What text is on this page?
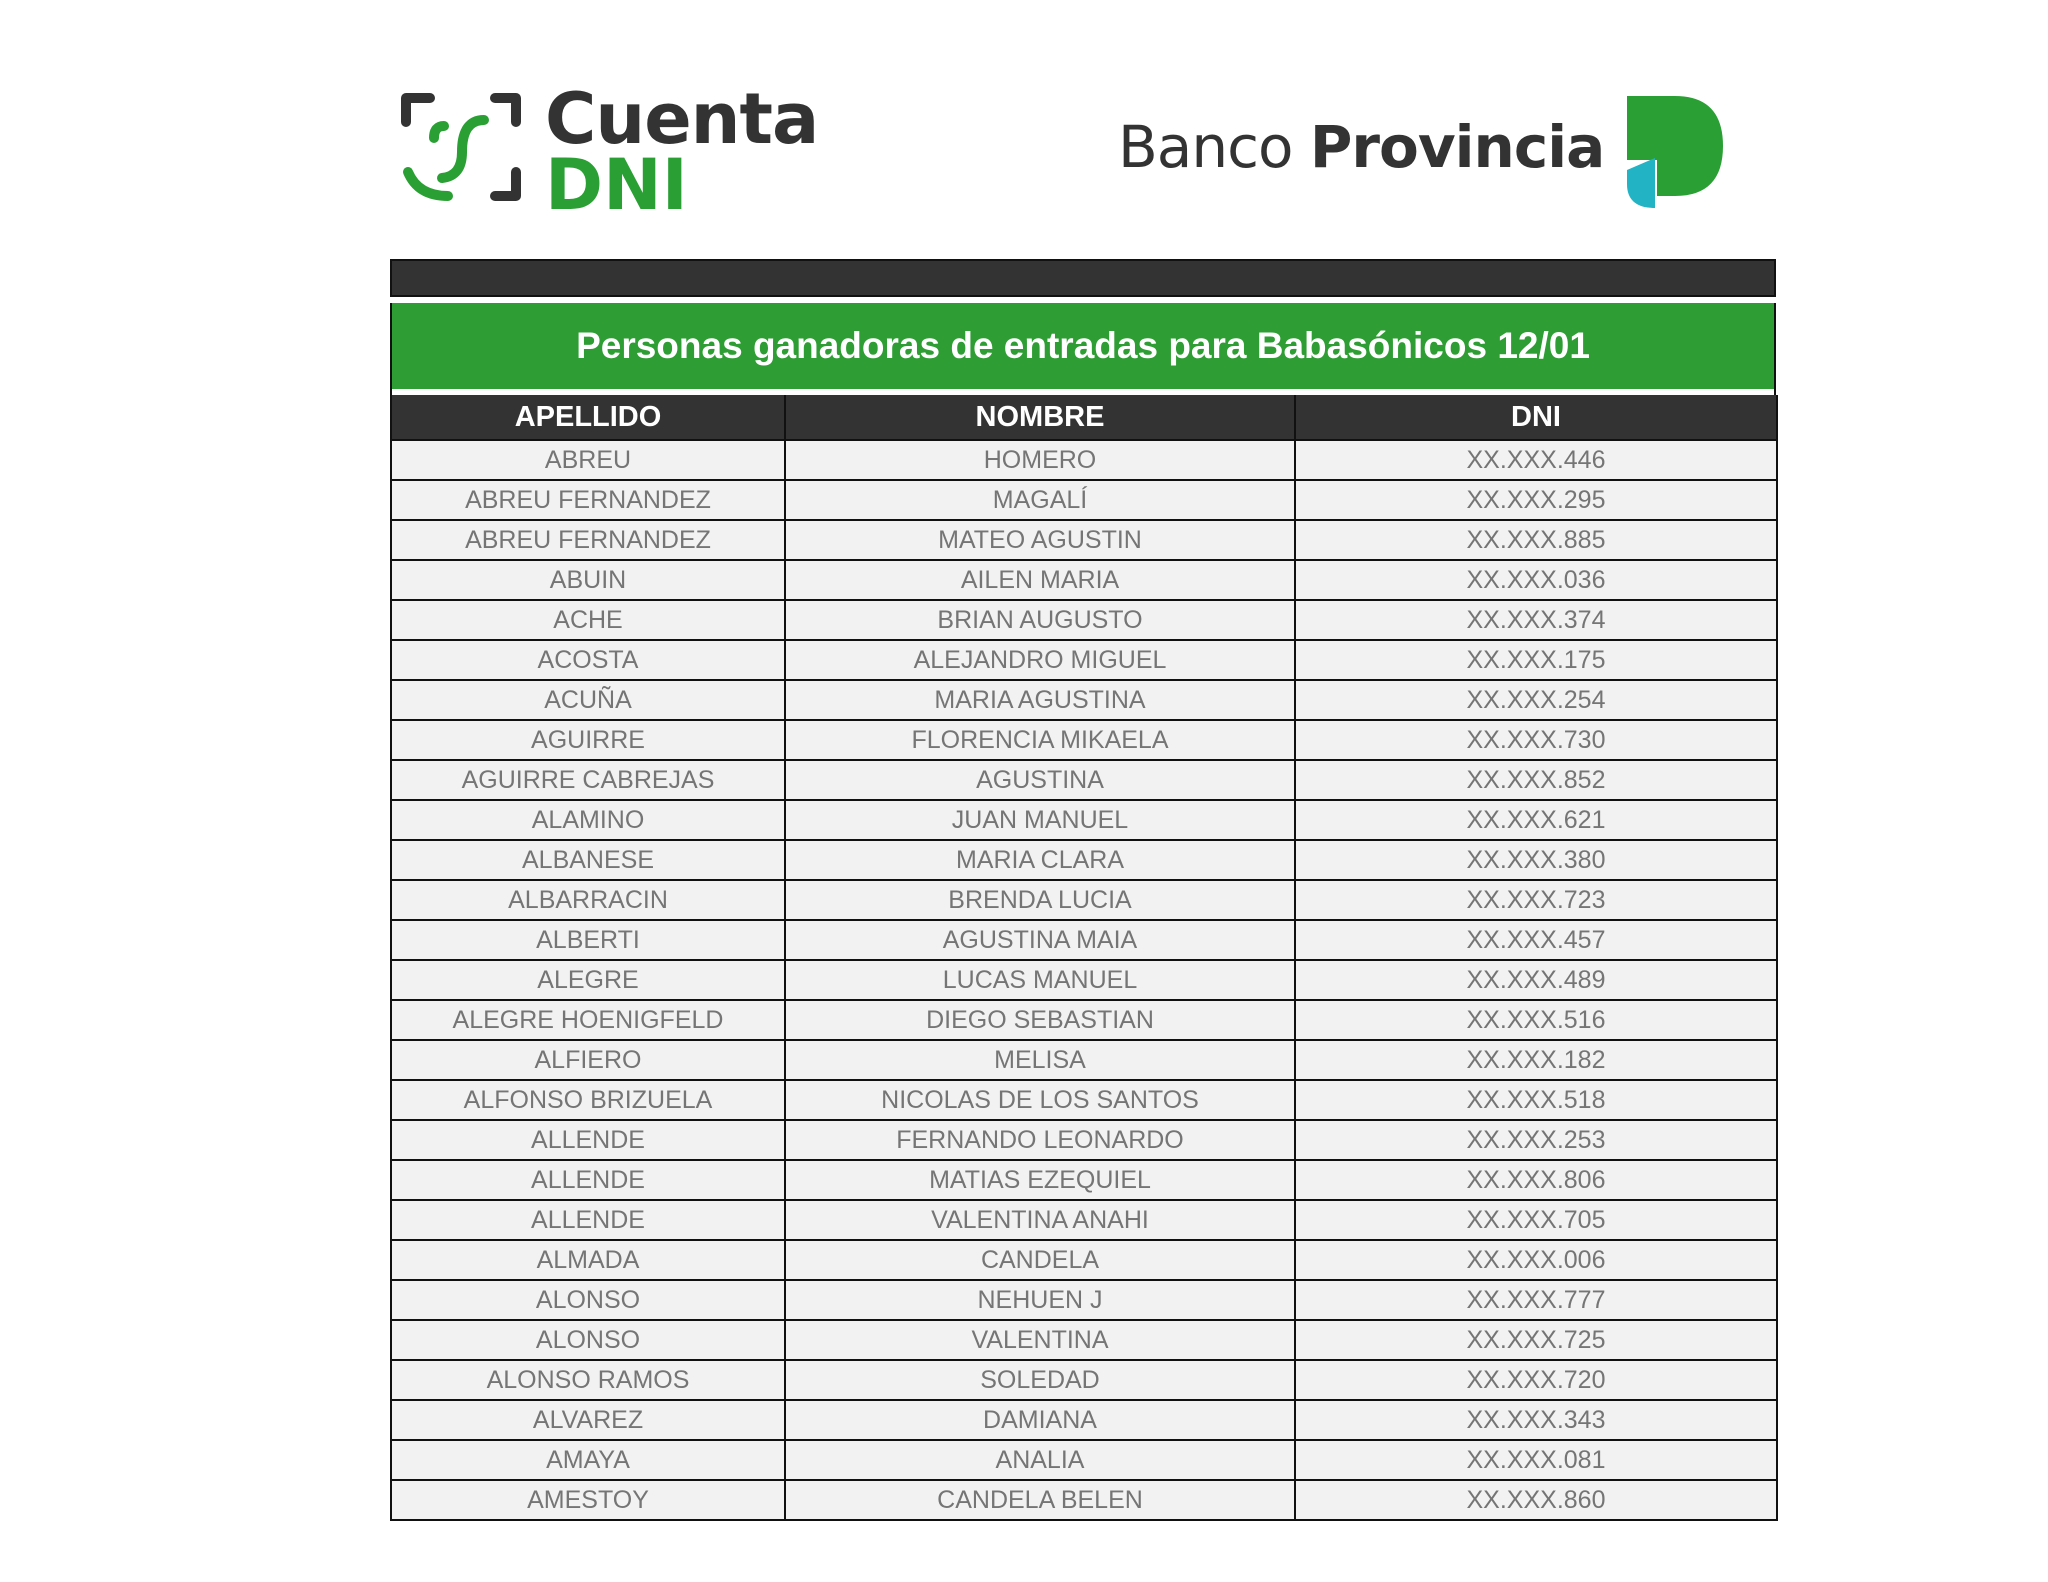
Cuenta
DNI	Banco Provincia
Personas ganadoras de entradas para Babasónicos 12/01
APELLIDO	NOMBRE	DNI
ABREU	HOMERO	XX.XXX.446
ABREU FERNANDEZ	MAGALÍ	XX.XXX.295
ABREU FERNANDEZ	MATEO AGUSTIN	XX.XXX.885
ABUIN	AILEN MARIA	XX.XXX.036
ACHE	BRIAN AUGUSTO	XX.XXX.374
ACOSTA	ALEJANDRO MIGUEL	XX.XXX.175
ACUÑA	MARIA AGUSTINA	XX.XXX.254
AGUIRRE	FLORENCIA MIKAELA	XX.XXX.730
AGUIRRE CABREJAS	AGUSTINA	XX.XXX.852
ALAMINO	JUAN MANUEL	XX.XXX.621
ALBANESE	MARIA CLARA	XX.XXX.380
ALBARRACIN	BRENDA LUCIA	XX.XXX.723
ALBERTI	AGUSTINA MAIA	XX.XXX.457
ALEGRE	LUCAS MANUEL	XX.XXX.489
ALEGRE HOENIGFELD	DIEGO SEBASTIAN	XX.XXX.516
ALFIERO	MELISA	XX.XXX.182
ALFONSO BRIZUELA	NICOLAS DE LOS SANTOS	XX.XXX.518
ALLENDE	FERNANDO LEONARDO	XX.XXX.253
ALLENDE	MATIAS EZEQUIEL	XX.XXX.806
ALLENDE	VALENTINA ANAHI	XX.XXX.705
ALMADA	CANDELA	XX.XXX.006
ALONSO	NEHUEN J	XX.XXX.777
ALONSO	VALENTINA	XX.XXX.725
ALONSO RAMOS	SOLEDAD	XX.XXX.720
ALVAREZ	DAMIANA	XX.XXX.343
AMAYA	ANALIA	XX.XXX.081
AMESTOY	CANDELA BELEN	XX.XXX.860
